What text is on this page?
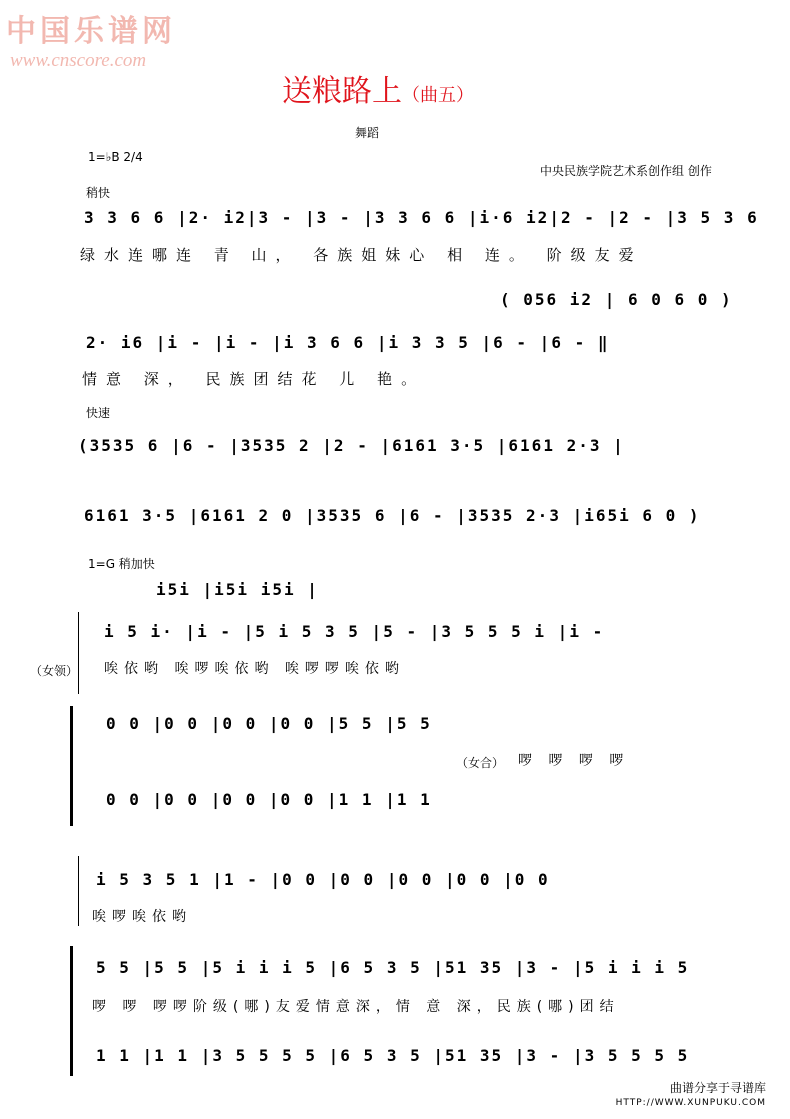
中国乐谱网
www.cnscore.com
送粮路上（曲五）
舞蹈
1=♭B 2/4
中央民族学院艺术系创作组 创作
稍快
3 3 6 6 |2· i2|3 - |3 - |3 3 6 6 |i·6 i2|2 - |2 - |3 5 3 6
绿水连哪连 青 山， 各族姐妹心 相 连。 阶级友爱
( 056 i2 | 6 0 6 0 )
2· i6 |i - |i - |i 3 6 6 |i 3 3 5 |6 - |6 - ‖
情意 深， 民族团结花 儿 艳。
快速
(3535 6 |6 - |3535 2 |2 - |6161 3·5 |6161 2·3 |
6161 3·5 |6161 2 0 |3535 6 |6 - |3535 2·3 |i65i 6 0 )
1=G 稍加快
i5i |i5i i5i |
i 5 i· |i - |5 i 5 3 5 |5 - |3 5 5 5 i |i -
（女领） 唉依哟 唉啰唉依哟 唉啰啰唉依哟
0 0 |0 0 |0 0 |0 0 |5 5 |5 5
（女合） 啰 啰 啰 啰
0 0 |0 0 |0 0 |0 0 |1 1 |1 1
i 5 3 5 1 |1 - |0 0 |0 0 |0 0 |0 0 |0 0
唉啰唉依哟
5 5 |5 5 |5 i i i 5 |6 5 3 5 |51 35 |3 - |5 i i i 5
啰 啰 啰啰阶级(哪)友爱情意深，情 意 深，民族(哪)团结
1 1 |1 1 |3 5 5 5 5 |6 5 3 5 |51 35 |3 - |3 5 5 5 5
曲谱分享于寻谱库
HTTP://WWW.XUNPUKU.COM
